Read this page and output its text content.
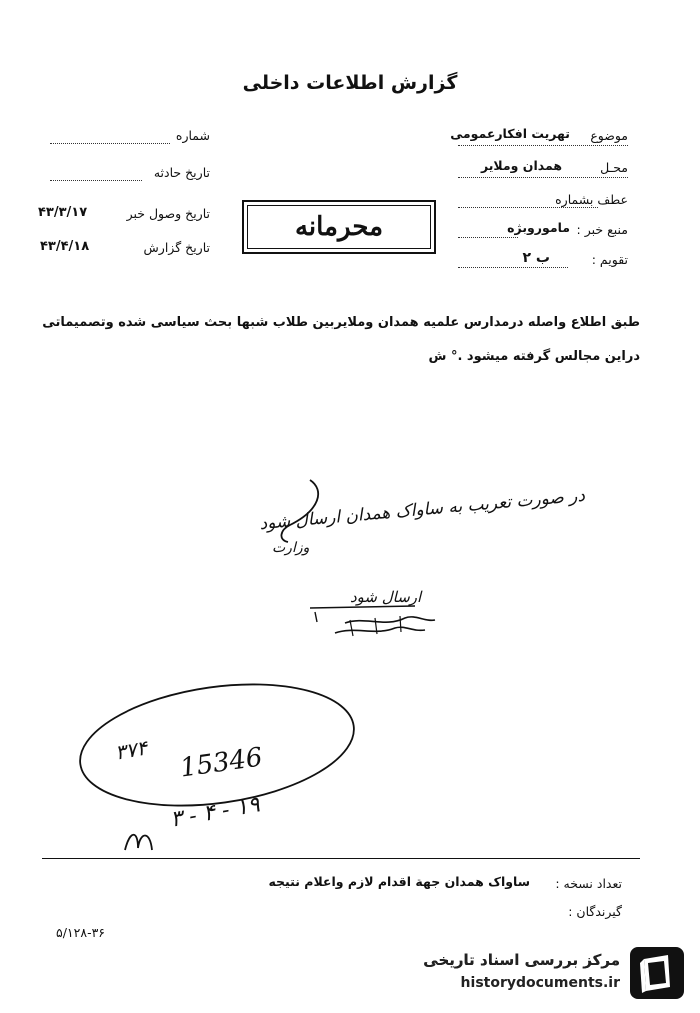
گزارش اطلاعات داخلی
موضوع
تهریت افکارعمومی
محـل
همدان وملایر
عطف بشماره
منبع خبر :
ماموروبژه
تقویم :
ب ۲
شماره
تاریخ حادثه
تاریخ وصول خبر
۴۳/۳/۱۷
تاریخ گزارش
۴۳/۴/۱۸
محرمانه
طبق اطلاع واصله درمدارس علمیه همدان وملایربین طلاب شبها بحث سیاسی شده وتصمیماتی
دراین مجالس گرفته میشود .° ش
در صورت تعریب به ساواک همدان ارسال شود
وزارت
ارسال شود
15346
۳۷۴
۱۹ - ۴ - ۳
تعداد نسخه :
ساواک همدان جهة اقدام لازم واعلام نتیجه
گیرندگان :
۵/۱۲۸-۳۶
مرکز بررسی اسناد تاریخی
historydocuments.ir
